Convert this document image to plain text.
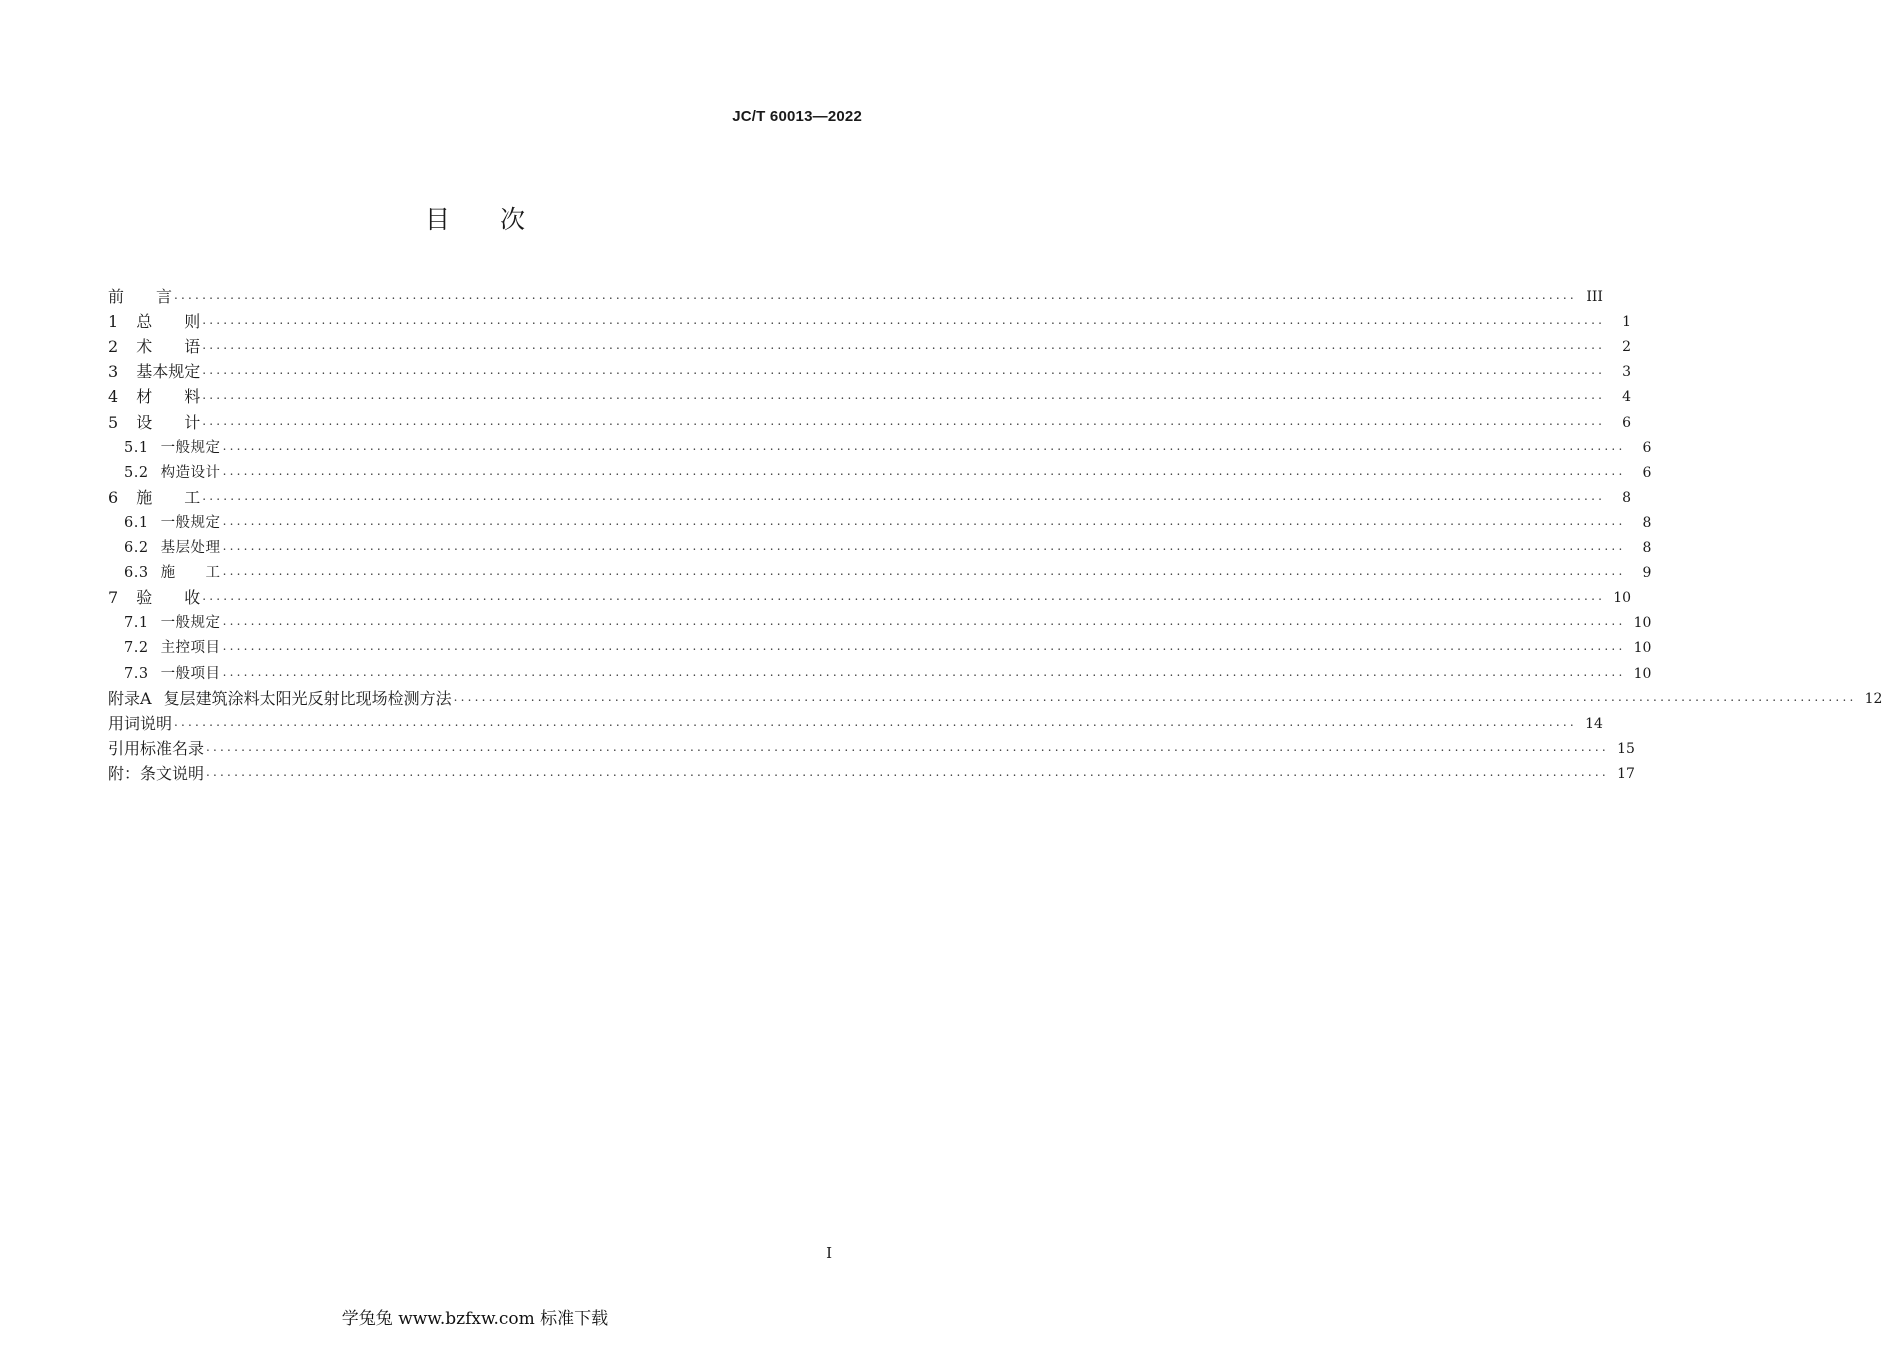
JC/T 60013—2022
目次
前　　言 ........................................................................................................................................................................................................ III
1 总　　则 ........................................................................................................................................................................................................	1
2 术　　语 ........................................................................................................................................................................................................	2
3 基本规定 ........................................................................................................................................................................................................	3
4 材　　料 ........................................................................................................................................................................................................	4
5 设　　计 ........................................................................................................................................................................................................	6
5.1 一般规定 ........................................................................................................................................................................................................	6
5.2 构造设计 ........................................................................................................................................................................................................	6
6 施　　工 ........................................................................................................................................................................................................	8
6.1 一般规定 ........................................................................................................................................................................................................	8
6.2 基层处理 ........................................................................................................................................................................................................	8
6.3 施　　工 ........................................................................................................................................................................................................	9
7 验　　收 ........................................................................................................................................................................................................ 10
7.1 一般规定 ........................................................................................................................................................................................................ 10
7.2 主控项目 ........................................................................................................................................................................................................ 10
7.3 一般项目 ........................................................................................................................................................................................................ 10
附录A 复层建筑涂料太阳光反射比现场检测方法 ........................................................................................................................................................................................................ 12
用词说明 ........................................................................................................................................................................................................ 14
引用标准名录 ........................................................................................................................................................................................................ 15
附：条文说明 ........................................................................................................................................................................................................ 17
I
学兔兔 www.bzfxw.com 标准下载
